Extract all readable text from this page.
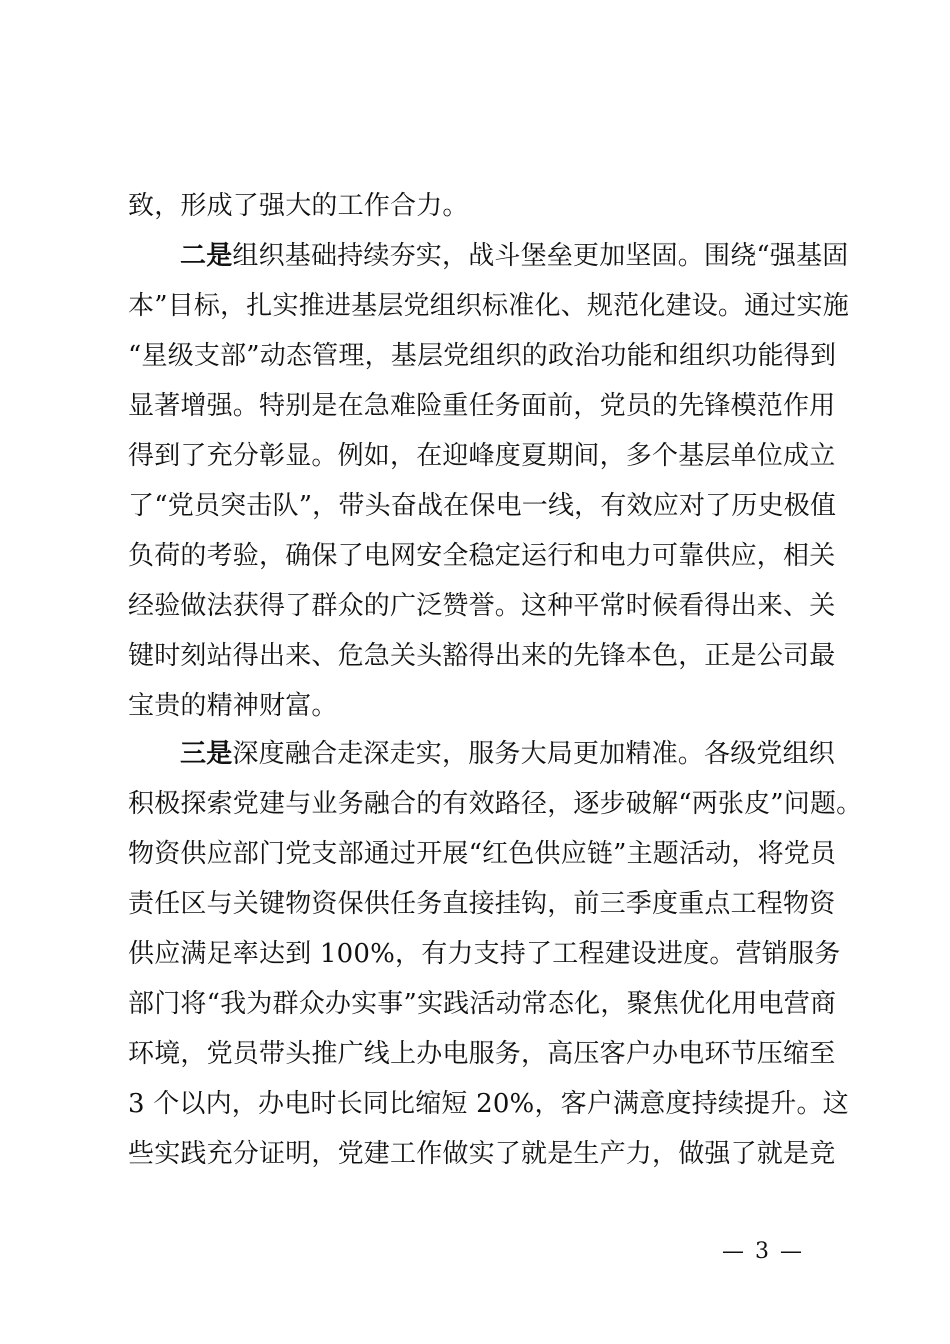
致，形成了强大的工作合力。
二是组织基础持续夯实，战斗堡垒更加坚固。围绕“强基固
本”目标，扎实推进基层党组织标准化、规范化建设。通过实施
“星级支部”动态管理，基层党组织的政治功能和组织功能得到
显著增强。特别是在急难险重任务面前，党员的先锋模范作用
得到了充分彰显。例如，在迎峰度夏期间，多个基层单位成立
了“党员突击队”，带头奋战在保电一线，有效应对了历史极值
负荷的考验，确保了电网安全稳定运行和电力可靠供应，相关
经验做法获得了群众的广泛赞誉。这种平常时候看得出来、关
键时刻站得出来、危急关头豁得出来的先锋本色，正是公司最
宝贵的精神财富。
三是深度融合走深走实，服务大局更加精准。各级党组织
积极探索党建与业务融合的有效路径，逐步破解“两张皮”问题。
物资供应部门党支部通过开展“红色供应链”主题活动，将党员
责任区与关键物资保供任务直接挂钩，前三季度重点工程物资
供应满足率达到 100%，有力支持了工程建设进度。营销服务
部门将“我为群众办实事”实践活动常态化，聚焦优化用电营商
环境，党员带头推广线上办电服务，高压客户办电环节压缩至
3 个以内，办电时长同比缩短 20%，客户满意度持续提升。这
些实践充分证明，党建工作做实了就是生产力，做强了就是竞
— 3 —
